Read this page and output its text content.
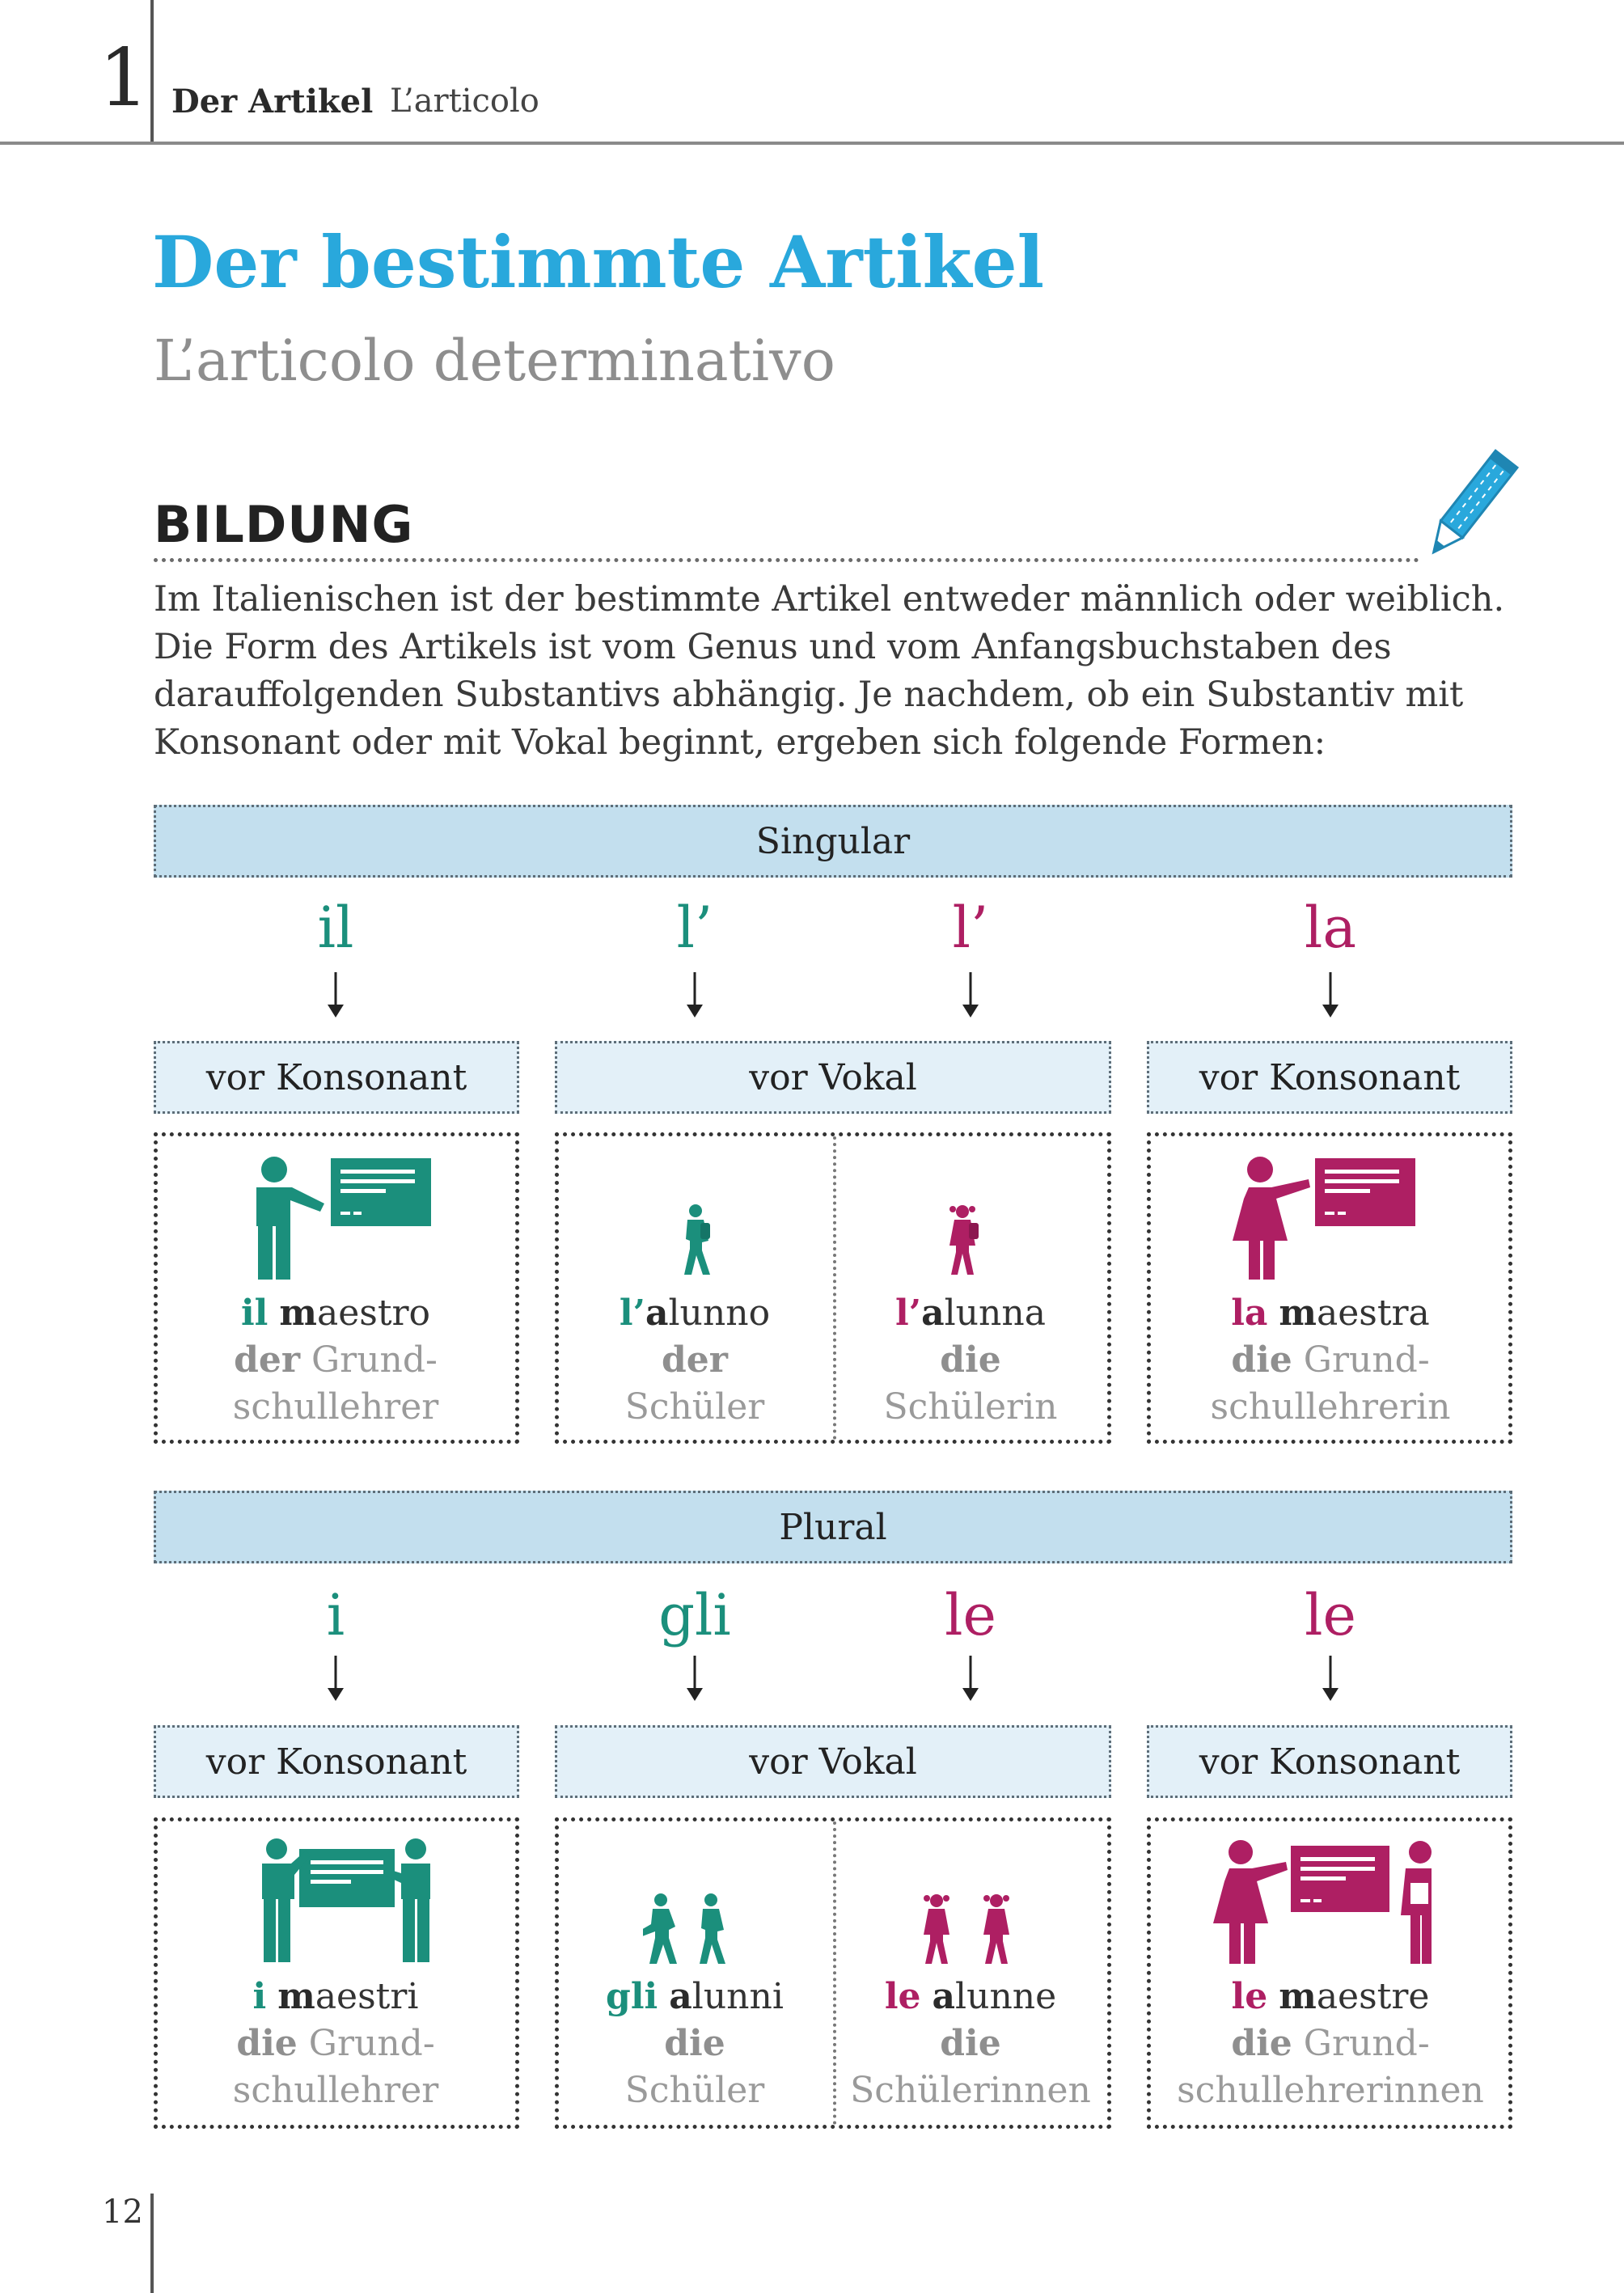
1 Der Artikel L’articolo
Der bestimmte Artikel
L’articolo determinativo
BILDUNG

Im Italienischen ist der bestimmte Artikel entweder männlich oder weiblich. Die Form des Artikels ist vom Genus und vom Anfangsbuchstaben des darauffolgenden Substantivs abhängig. Je nachdem, ob ein Substantiv mit Konsonant oder mit Vokal beginnt, ergeben sich folgende Formen:

Singular
il	l’	l’	la
vor Konsonant	vor Vokal	vor Konsonant
il maestro
der Grund-
schullehrer
l’alunno
der
Schüler
l’alunna
die
Schülerin
la maestra
die Grund-
schullehrerin
Plural
i	gli	le	le
vor Konsonant	vor Vokal	vor Konsonant
i maestri
die Grund-
schullehrer
gli alunni
die
Schüler
le alunne
die
Schülerinnen
le maestre
die Grund-
schullehrerinnen
12
